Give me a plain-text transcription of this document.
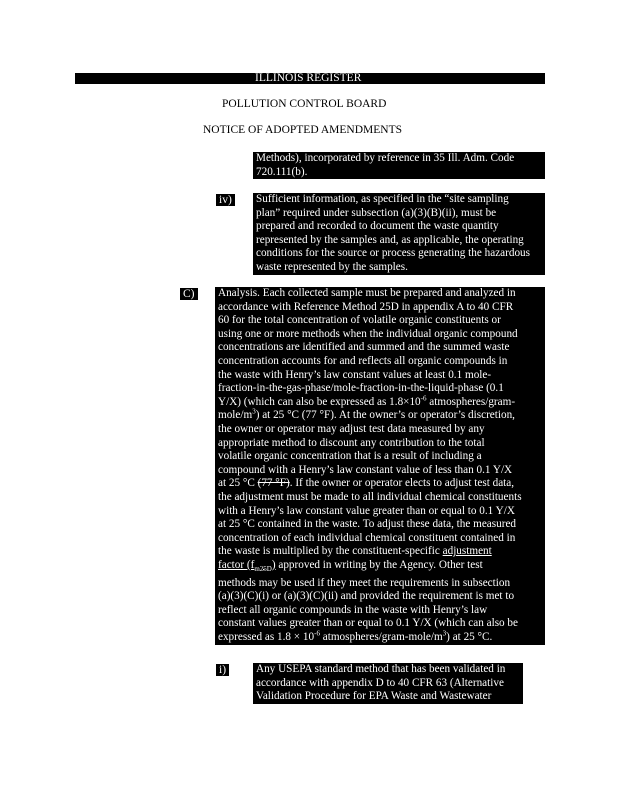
ILLINOIS REGISTER
POLLUTION CONTROL BOARD
NOTICE OF ADOPTED AMENDMENTS
Methods), incorporated by reference in 35 Ill. Adm. Code
720.111(b).
iv) Sufficient information, as specified in the “site sampling
plan” required under subsection (a)(3)(B)(ii), must be
prepared and recorded to document the waste quantity
represented by the samples and, as applicable, the operating
conditions for the source or process generating the hazardous
waste represented by the samples.
C) Analysis. Each collected sample must be prepared and analyzed in
accordance with Reference Method 25D in appendix A to 40 CFR
60 for the total concentration of volatile organic constituents or
using one or more methods when the individual organic compound
concentrations are identified and summed and the summed waste
concentration accounts for and reflects all organic compounds in
the waste with Henry’s law constant values at least 0.1 mole-
fraction-in-the-gas-phase/mole-fraction-in-the-liquid-phase (0.1
Y/X) (which can also be expressed as $1.8\times 10^{-6}$ atmospheres/gram-
mole/$m^3$) at 25 °C (77 °F). At the owner’s or operator’s discretion,
the owner or operator may adjust test data measured by any
appropriate method to discount any contribution to the total
volatile organic concentration that is a result of including a
compound with a Henry’s law constant value of less than 0.1 Y/X
at 25 °C (77 °F). If the owner or operator elects to adjust test data,
the adjustment must be made to all individual chemical constituents
with a Henry’s law constant value greater than or equal to 0.1 Y/X
at 25 °C contained in the waste. To adjust these data, the measured
concentration of each individual chemical constituent contained in
the waste is multiplied by the constituent-specific adjustment
factor $(f_{m25D})$ approved in writing by the Agency. Other test
methods may be used if they meet the requirements in subsection
(a)(3)(C)(i) or (a)(3)(C)(ii) and provided the requirement is met to
reflect all organic compounds in the waste with Henry’s law
constant values greater than or equal to 0.1 Y/X (which can also be
expressed as $1.8 \times 10^{-6}$ atmospheres/$gram-mole/m^3$) at 25 °C.
i)	Any USEPA standard method that has been validated in
accordance with appendix D to 40 CFR 63 (Alternative
Validation Procedure for EPA Waste and Wastewater
